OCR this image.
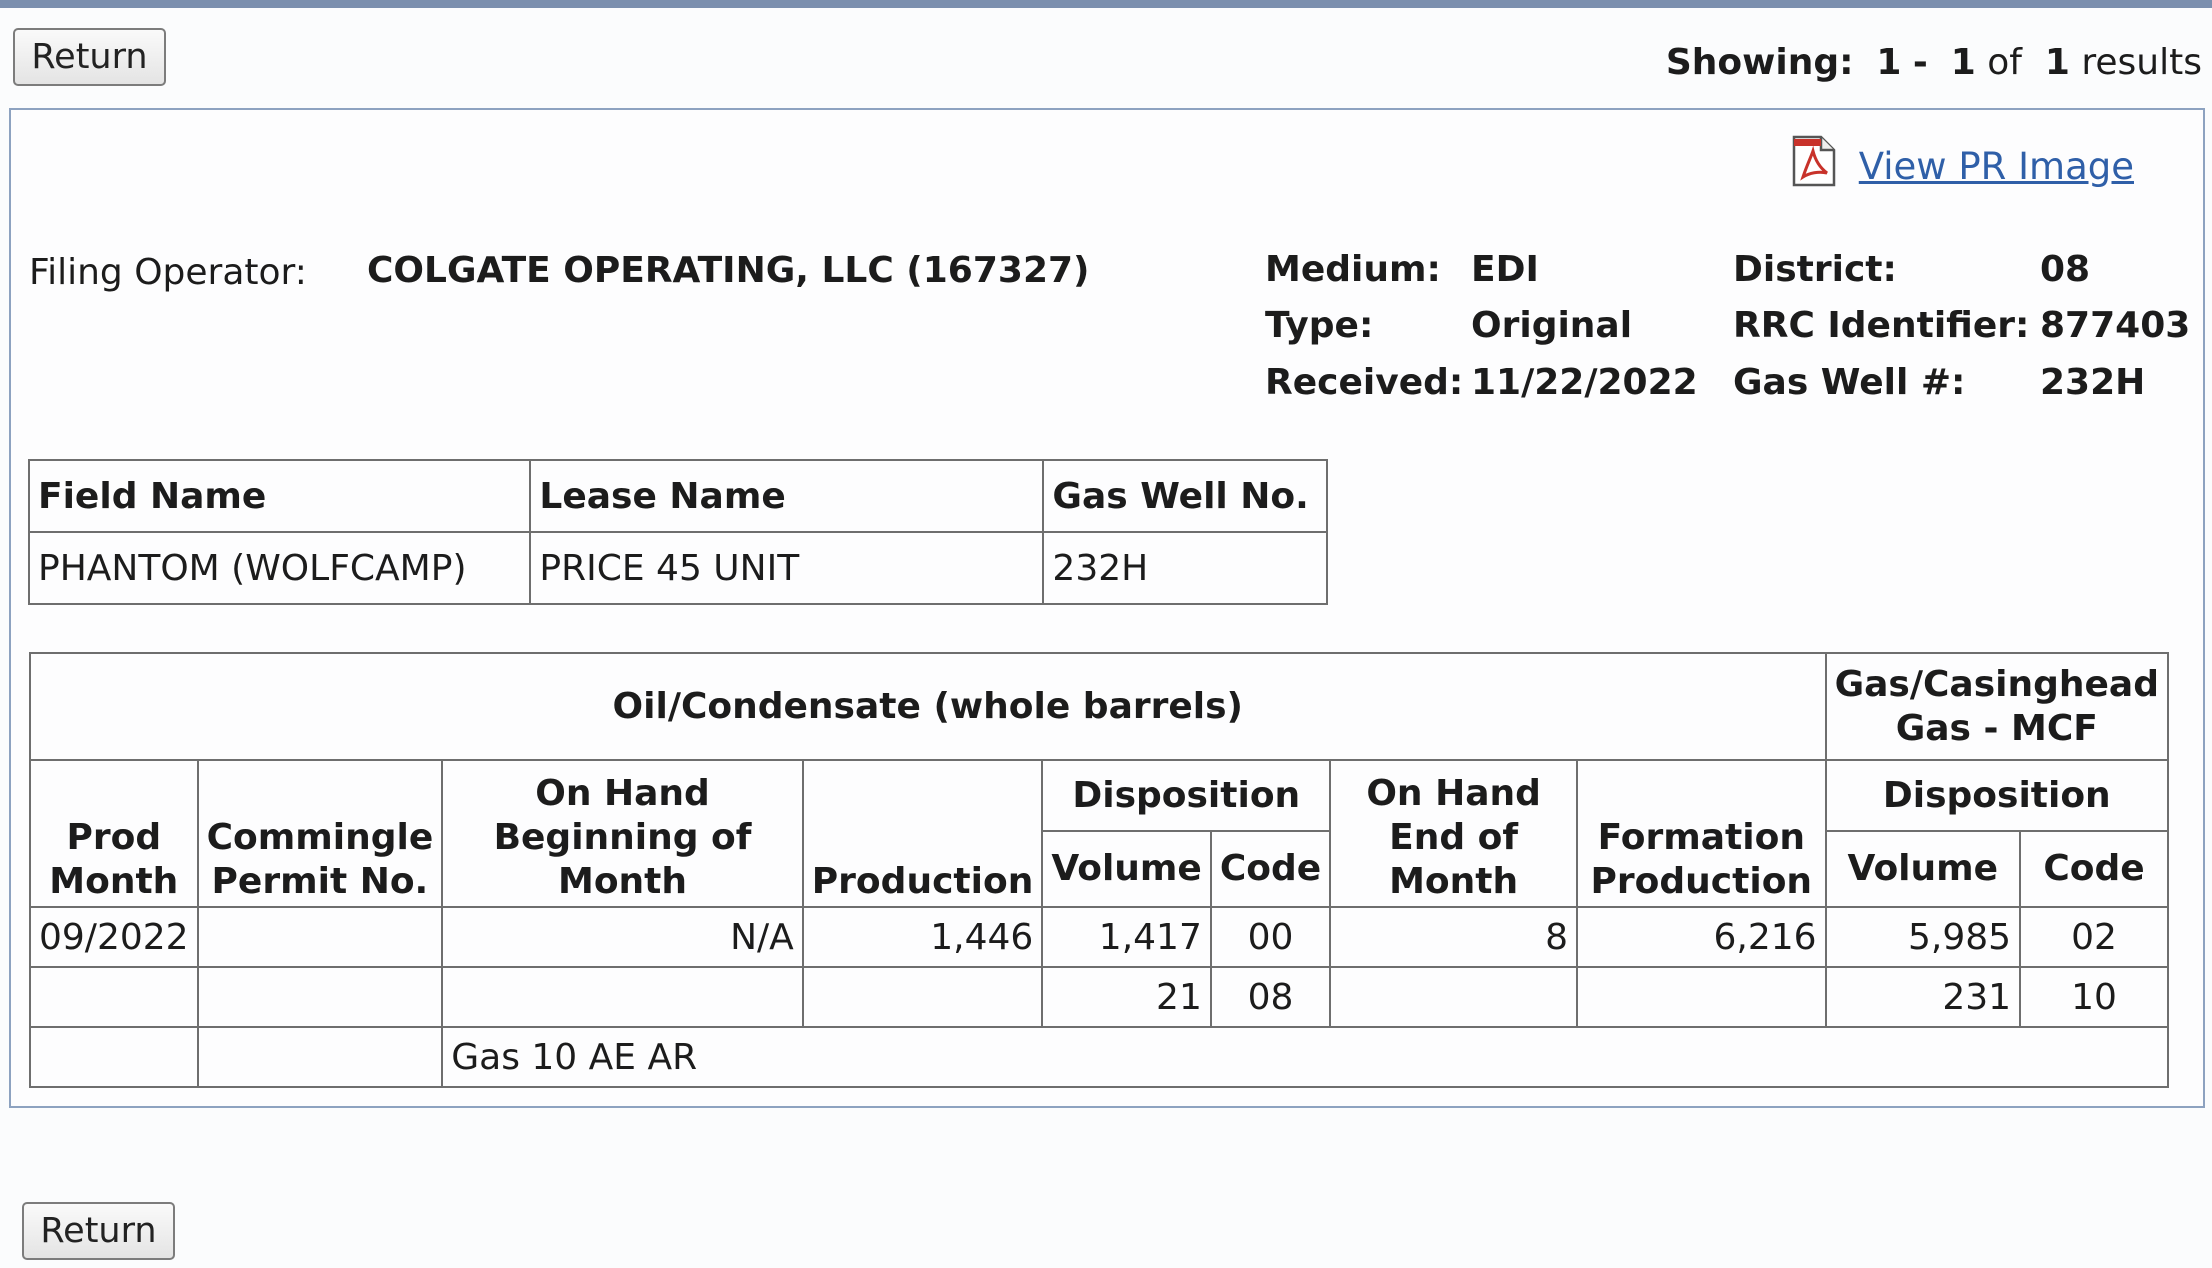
Return	Showing: 1 - 1 of 1 results
View PR Image
Filing Operator: COLGATE OPERATING, LLC (167327)	Medium: EDI
Type:	Original
Received: 11/22/2022
District:	08
RRC Identifier: 877403
Gas Well #: 232H
Field Name	Lease Name	Gas Well No.
PHANTOM (WOLFCAMP)	PRICE 45 UNIT	232H
Oil/Condensate (whole barrels)								Gas/Casinghead Gas - MCF	
Prod Month	Commingle Permit No.	On Hand Beginning of Month	Production	Disposition		On Hand End of Month	Formation Production	Disposition	
				Volume	Code			Volume	Code
09/2022		N/A	1,446	1,417	00	8	6,216	5,985	02
				21	08			231	10
		Gas 10 AE AR							
Return
